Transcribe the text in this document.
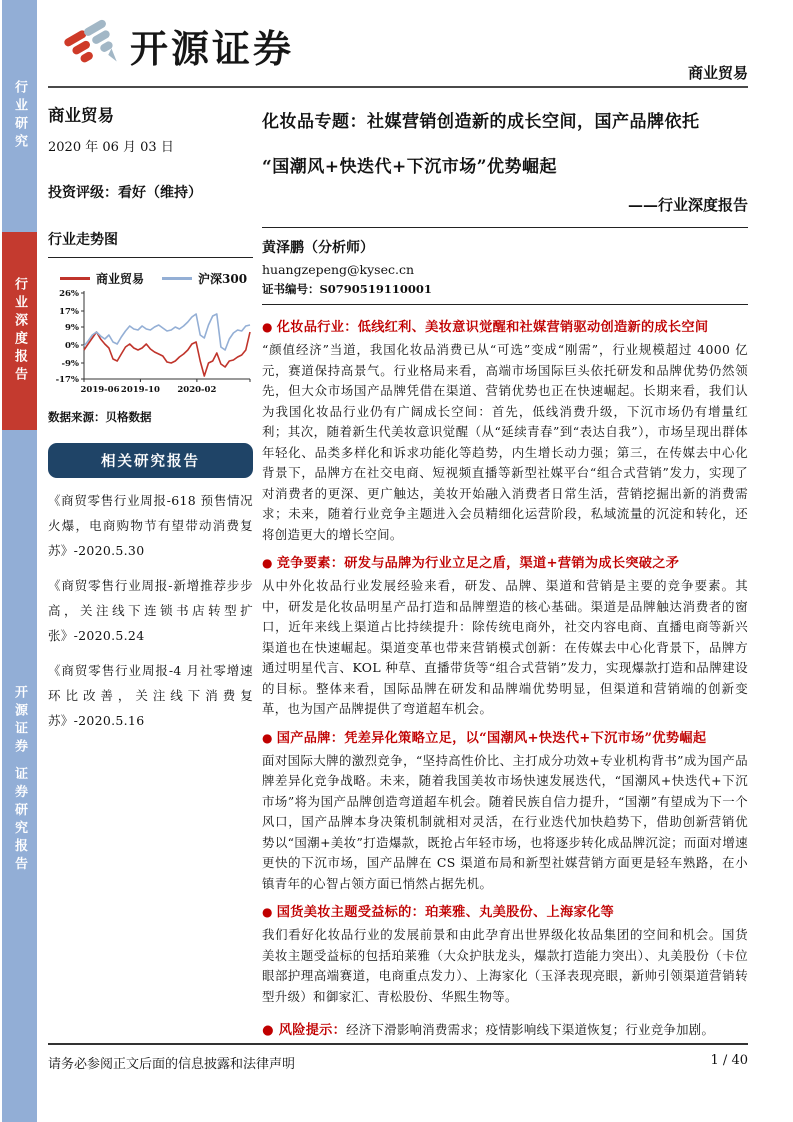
行业研究
行业深度报告
开源证券 证券研究报告
开源证券
商业贸易
商业贸易
2020 年 06 月 03 日
投资评级：看好（维持）
行业走势图
商业贸易	沪深300
26%
17%
9%
0%
-9%
-17%
2019-06 2019-10 2020-02
数据来源：贝格数据
相关研究报告
《商贸零售行业周报-618 预售情况火爆，电商购物节有望带动消费复苏》-2020.5.30
《商贸零售行业周报-新增推荐步步高，关注线下连锁书店转型扩张》-2020.5.24
《商贸零售行业周报-4 月社零增速环比改善，关注线下消费复苏》-2020.5.16
化妆品专题：社媒营销创造新的成长空间，国产品牌依托
“国潮风+快迭代+下沉市场”优势崛起
——行业深度报告
黄泽鹏（分析师）
huangzepeng@kysec.cn
证书编号：S0790519110001
● 化妆品行业：低线红利、美妆意识觉醒和社媒营销驱动创造新的成长空间
“颜值经济”当道，我国化妆品消费已从“可选”变成“刚需”，行业规模超过 4000 亿元，赛道保持高景气。行业格局来看，高端市场国际巨头依托研发和品牌优势仍然领先，但大众市场国产品牌凭借在渠道、营销优势也正在快速崛起。长期来看，我们认为我国化妆品行业仍有广阔成长空间：首先，低线消费升级，下沉市场仍有增量红利；其次，随着新生代美妆意识觉醒（从“延续青春”到“表达自我”），市场呈现出群体年轻化、品类多样化和诉求功能化等趋势，内生增长动力强；第三，在传媒去中心化背景下，品牌方在社交电商、短视频直播等新型社媒平台“组合式营销”发力，实现了对消费者的更深、更广触达，美妆开始融入消费者日常生活，营销挖掘出新的消费需求；未来，随着行业竞争主题进入会员精细化运营阶段，私域流量的沉淀和转化，还将创造更大的增长空间。
● 竞争要素：研发与品牌为行业立足之盾，渠道+营销为成长突破之矛
从中外化妆品行业发展经验来看，研发、品牌、渠道和营销是主要的竞争要素。其中，研发是化妆品明星产品打造和品牌塑造的核心基础。渠道是品牌触达消费者的窗口，近年来线上渠道占比持续提升：除传统电商外，社交内容电商、直播电商等新兴渠道也在快速崛起。渠道变革也带来营销模式创新：在传媒去中心化背景下，品牌方通过明星代言、KOL 种草、直播带货等“组合式营销”发力，实现爆款打造和品牌建设的目标。整体来看，国际品牌在研发和品牌端优势明显，但渠道和营销端的创新变革，也为国产品牌提供了弯道超车机会。
● 国产品牌：凭差异化策略立足，以“国潮风+快迭代+下沉市场”优势崛起
面对国际大牌的激烈竞争，“坚持高性价比、主打成分功效+专业机构背书”成为国产品牌差异化竞争战略。未来，随着我国美妆市场快速发展迭代，“国潮风+快迭代+下沉市场”将为国产品牌创造弯道超车机会。随着民族自信力提升，“国潮”有望成为下一个风口，国产品牌本身决策机制就相对灵活，在行业迭代加快趋势下，借助创新营销优势以“国潮+美妆”打造爆款，既抢占年轻市场，也将逐步转化成品牌沉淀；而面对增速更快的下沉市场，国产品牌在 CS 渠道布局和新型社媒营销方面更是轻车熟路，在小镇青年的心智占领方面已悄然占据先机。
● 国货美妆主题受益标的：珀莱雅、丸美股份、上海家化等
我们看好化妆品行业的发展前景和由此孕育出世界级化妆品集团的空间和机会。国货美妆主题受益标的包括珀莱雅（大众护肤龙头，爆款打造能力突出）、丸美股份（卡位眼部护理高端赛道，电商重点发力）、上海家化（玉泽表现亮眼，新帅引领渠道营销转型升级）和御家汇、青松股份、华熙生物等。
● 风险提示：经济下滑影响消费需求；疫情影响线下渠道恢复；行业竞争加剧。
请务必参阅正文后面的信息披露和法律声明	1 / 40
